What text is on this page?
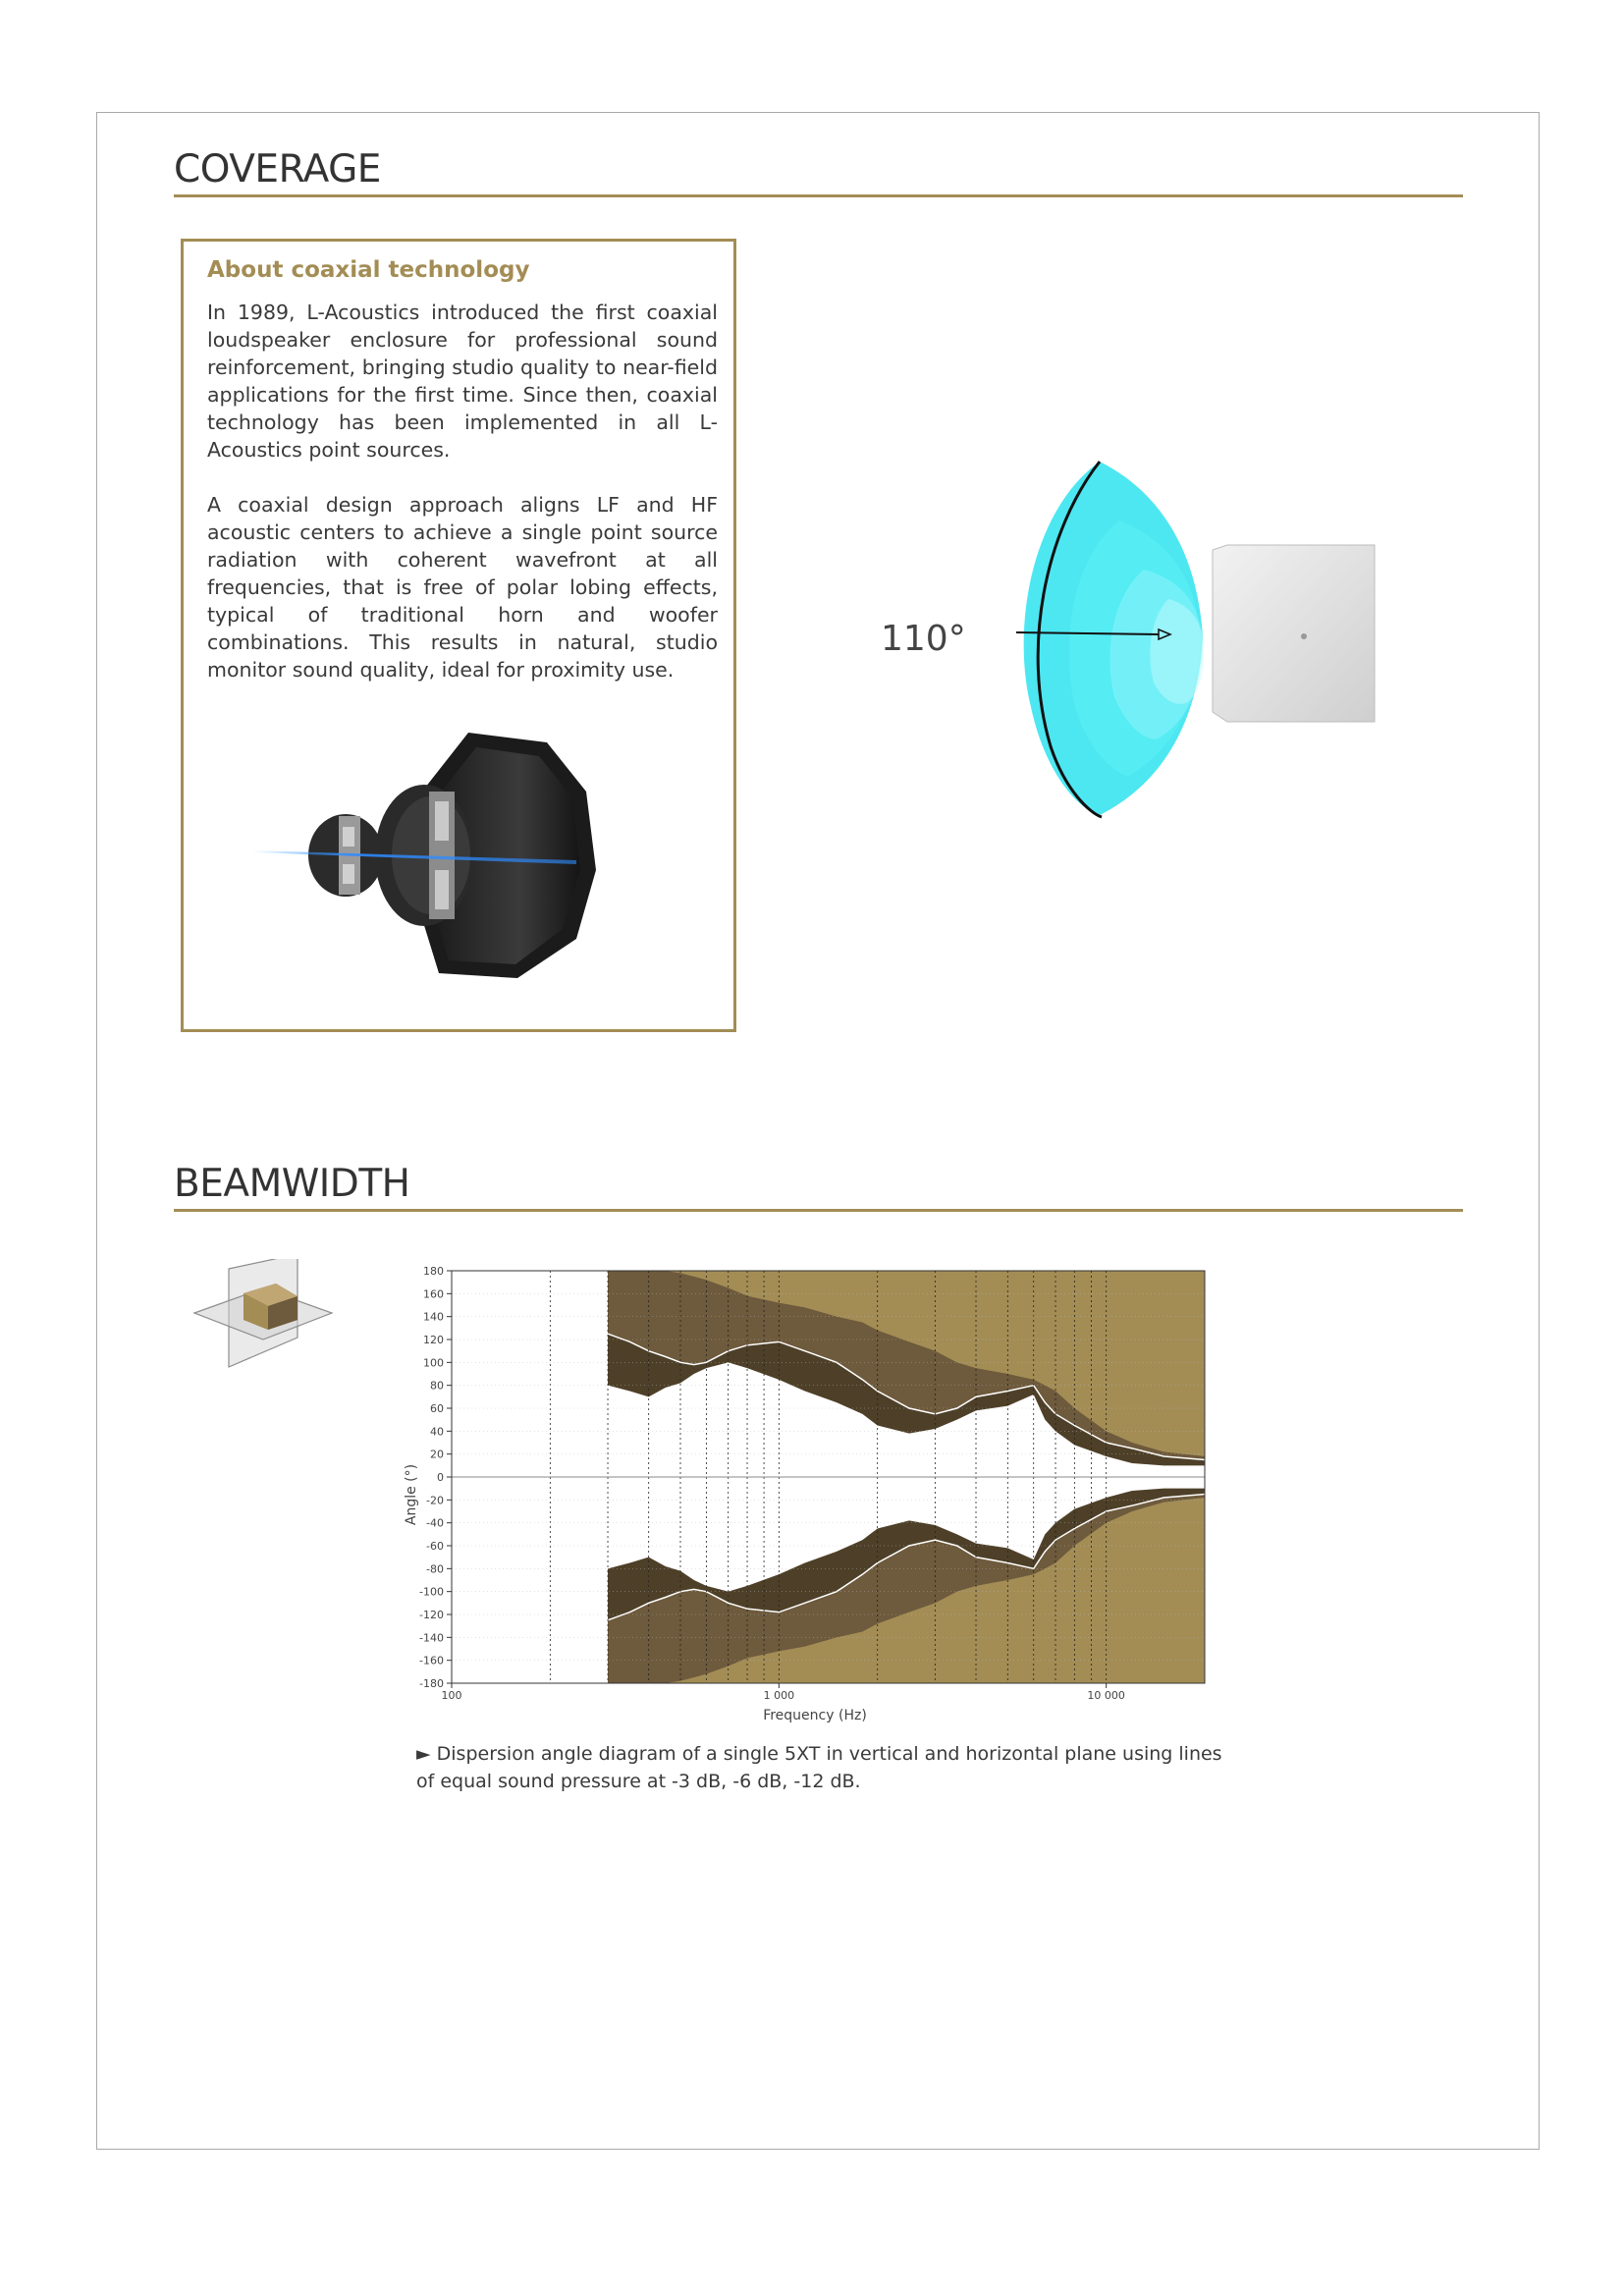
COVERAGE
About coaxial technology

In 1989, L-Acoustics introduced the first coaxial loudspeaker enclosure for professional sound reinforcement, bringing studio quality to near-field applications for the first time. Since then, coaxial technology has been implemented in all L-Acoustics point sources.

A coaxial design approach aligns LF and HF acoustic centers to achieve a single point source radiation with coherent wavefront at all frequencies, that is free of polar lobing effects, typical of traditional horn and woofer combinations. This results in natural, studio monitor sound quality, ideal for proximity use.

110°
BEAMWIDTH
180
160
140
120
100
80
60
40
20
0
-20
-40
-60
-80
-100
-120
-140
-160
-180
100	1 000	10 000
Frequency (Hz)
Angle (°)

► Dispersion angle diagram of a single 5XT in vertical and horizontal plane using lines of equal sound pressure at -3 dB, -6 dB, -12 dB.
